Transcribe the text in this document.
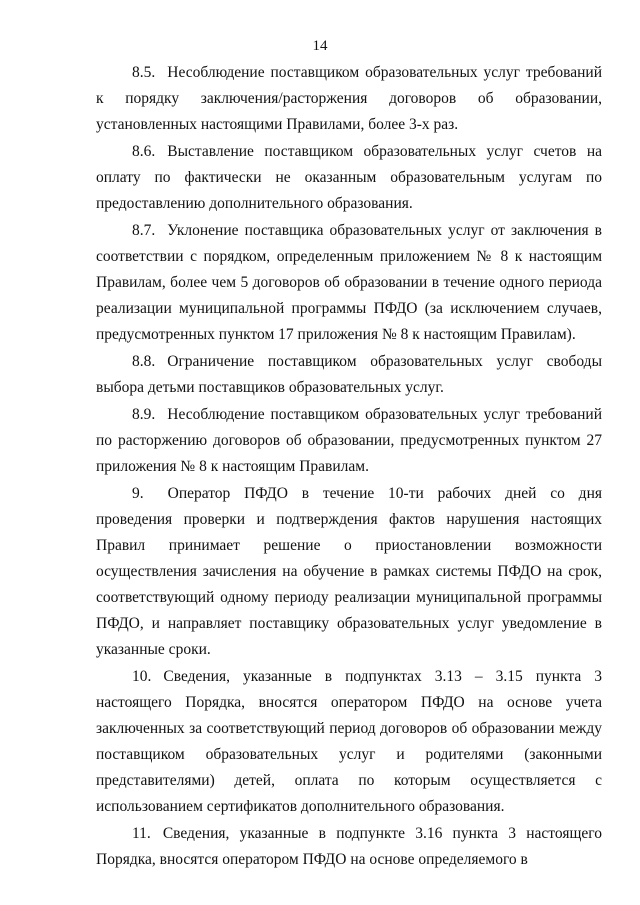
14

8.5. Несоблюдение поставщиком образовательных услуг требований к порядку заключения/расторжения договоров об образовании, установленных настоящими Правилами, более 3-х раз.

8.6. Выставление поставщиком образовательных услуг счетов на оплату по фактически не оказанным образовательным услугам по предоставлению дополнительного образования.

8.7. Уклонение поставщика образовательных услуг от заключения в соответствии с порядком, определенным приложением № 8 к настоящим Правилам, более чем 5 договоров об образовании в течение одного периода реализации муниципальной программы ПФДО (за исключением случаев, предусмотренных пунктом 17 приложения № 8 к настоящим Правилам).

8.8. Ограничение поставщиком образовательных услуг свободы выбора детьми поставщиков образовательных услуг.

8.9. Несоблюдение поставщиком образовательных услуг требований по расторжению договоров об образовании, предусмотренных пунктом 27 приложения № 8 к настоящим Правилам.

9. Оператор ПФДО в течение 10-ти рабочих дней со дня проведения проверки и подтверждения фактов нарушения настоящих Правил принимает решение о приостановлении возможности осуществления зачисления на обучение в рамках системы ПФДО на срок, соответствующий одному периоду реализации муниципальной программы ПФДО, и направляет поставщику образовательных услуг уведомление в указанные сроки.

10. Сведения, указанные в подпунктах 3.13 – 3.15 пункта 3 настоящего Порядка, вносятся оператором ПФДО на основе учета заключенных за соответствующий период договоров об образовании между поставщиком образовательных услуг и родителями (законными представителями) детей, оплата по которым осуществляется с использованием сертификатов дополнительного образования.

11. Сведения, указанные в подпункте 3.16 пункта 3 настоящего Порядка, вносятся оператором ПФДО на основе определяемого в
